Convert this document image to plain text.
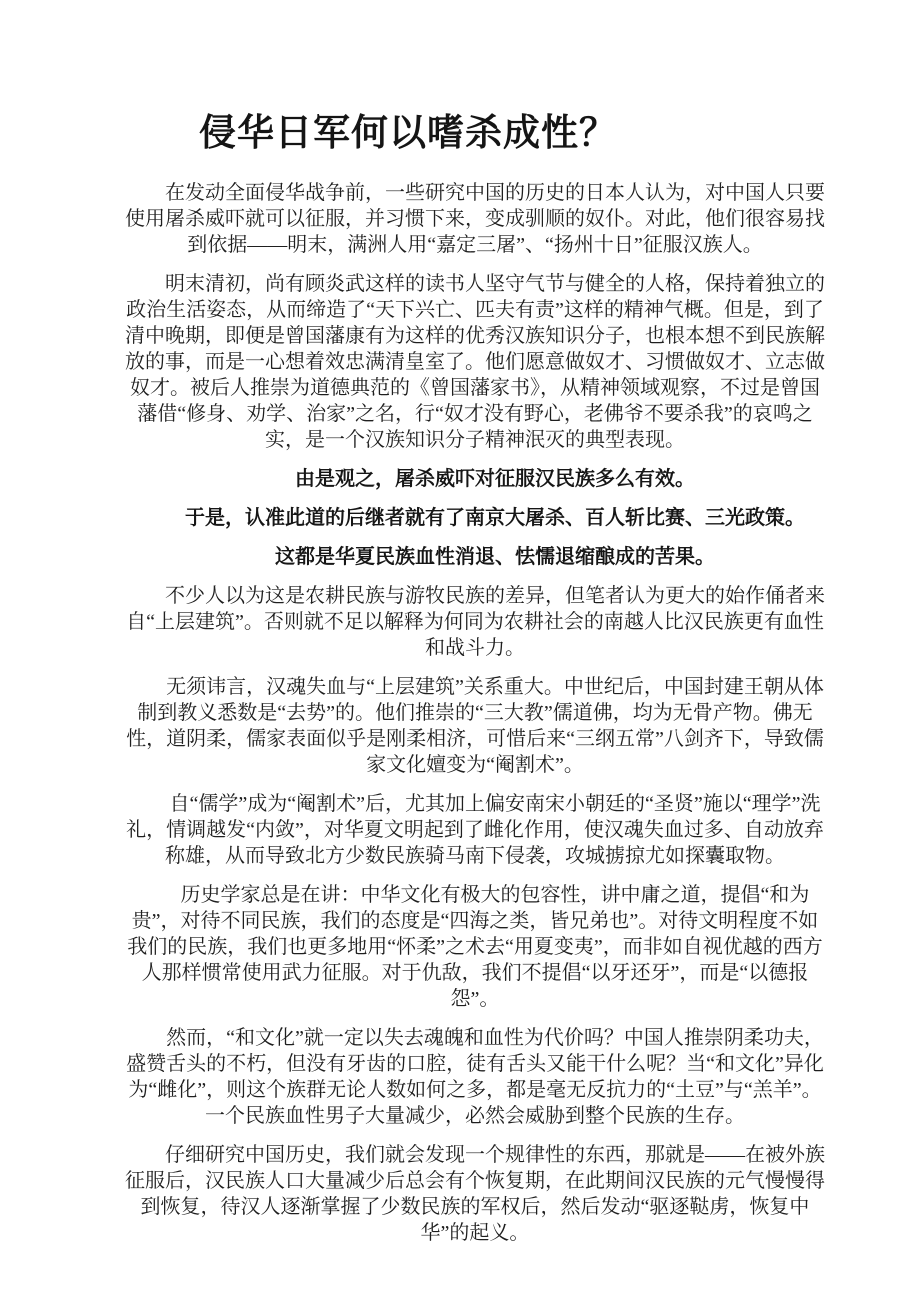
侵华日军何以嗜杀成性？

　　在发动全面侵华战争前，一些研究中国的历史的日本人认为，对中国人只要使用屠杀威吓就可以征服，并习惯下来，变成驯顺的奴仆。对此，他们很容易找到依据——明末，满洲人用“嘉定三屠”、“扬州十日”征服汉族人。

　　明末清初，尚有顾炎武这样的读书人坚守气节与健全的人格，保持着独立的政治生活姿态，从而缔造了“天下兴亡、匹夫有责”这样的精神气概。但是，到了清中晚期，即便是曾国藩康有为这样的优秀汉族知识分子，也根本想不到民族解放的事，而是一心想着效忠满清皇室了。他们愿意做奴才、习惯做奴才、立志做奴才。被后人推崇为道德典范的《曾国藩家书》，从精神领域观察，不过是曾国藩借“修身、劝学、治家”之名，行“奴才没有野心，老佛爷不要杀我”的哀鸣之实，是一个汉族知识分子精神泯灭的典型表现。

　　由是观之，屠杀威吓对征服汉民族多么有效。

　　于是，认准此道的后继者就有了南京大屠杀、百人斩比赛、三光政策。

　　这都是华夏民族血性消退、怯懦退缩酿成的苦果。

　　不少人以为这是农耕民族与游牧民族的差异，但笔者认为更大的始作俑者来自“上层建筑”。否则就不足以解释为何同为农耕社会的南越人比汉民族更有血性和战斗力。

　　无须讳言，汉魂失血与“上层建筑”关系重大。中世纪后，中国封建王朝从体制到教义悉数是“去势”的。他们推崇的“三大教”儒道佛，均为无骨产物。佛无性，道阴柔，儒家表面似乎是刚柔相济，可惜后来“三纲五常”八剑齐下，导致儒家文化嬗变为“阉割术”。

　　自“儒学”成为“阉割术”后，尤其加上偏安南宋小朝廷的“圣贤”施以“理学”洗礼，情调越发“内敛”，对华夏文明起到了雌化作用，使汉魂失血过多、自动放弃称雄，从而导致北方少数民族骑马南下侵袭，攻城掳掠尤如探囊取物。

　　历史学家总是在讲：中华文化有极大的包容性，讲中庸之道，提倡“和为贵”，对待不同民族，我们的态度是“四海之类，皆兄弟也”。对待文明程度不如我们的民族，我们也更多地用“怀柔”之术去“用夏变夷”，而非如自视优越的西方人那样惯常使用武力征服。对于仇敌，我们不提倡“以牙还牙”，而是“以德报怨”。

　　然而，“和文化”就一定以失去魂魄和血性为代价吗？中国人推崇阴柔功夫，盛赞舌头的不朽，但没有牙齿的口腔，徒有舌头又能干什么呢？当“和文化”异化为“雌化”，则这个族群无论人数如何之多，都是毫无反抗力的“土豆”与“羔羊”。一个民族血性男子大量减少，必然会威胁到整个民族的生存。

　　仔细研究中国历史，我们就会发现一个规律性的东西，那就是——在被外族征服后，汉民族人口大量减少后总会有个恢复期，在此期间汉民族的元气慢慢得到恢复，待汉人逐渐掌握了少数民族的军权后，然后发动“驱逐鞑虏，恢复中华”的起义。
